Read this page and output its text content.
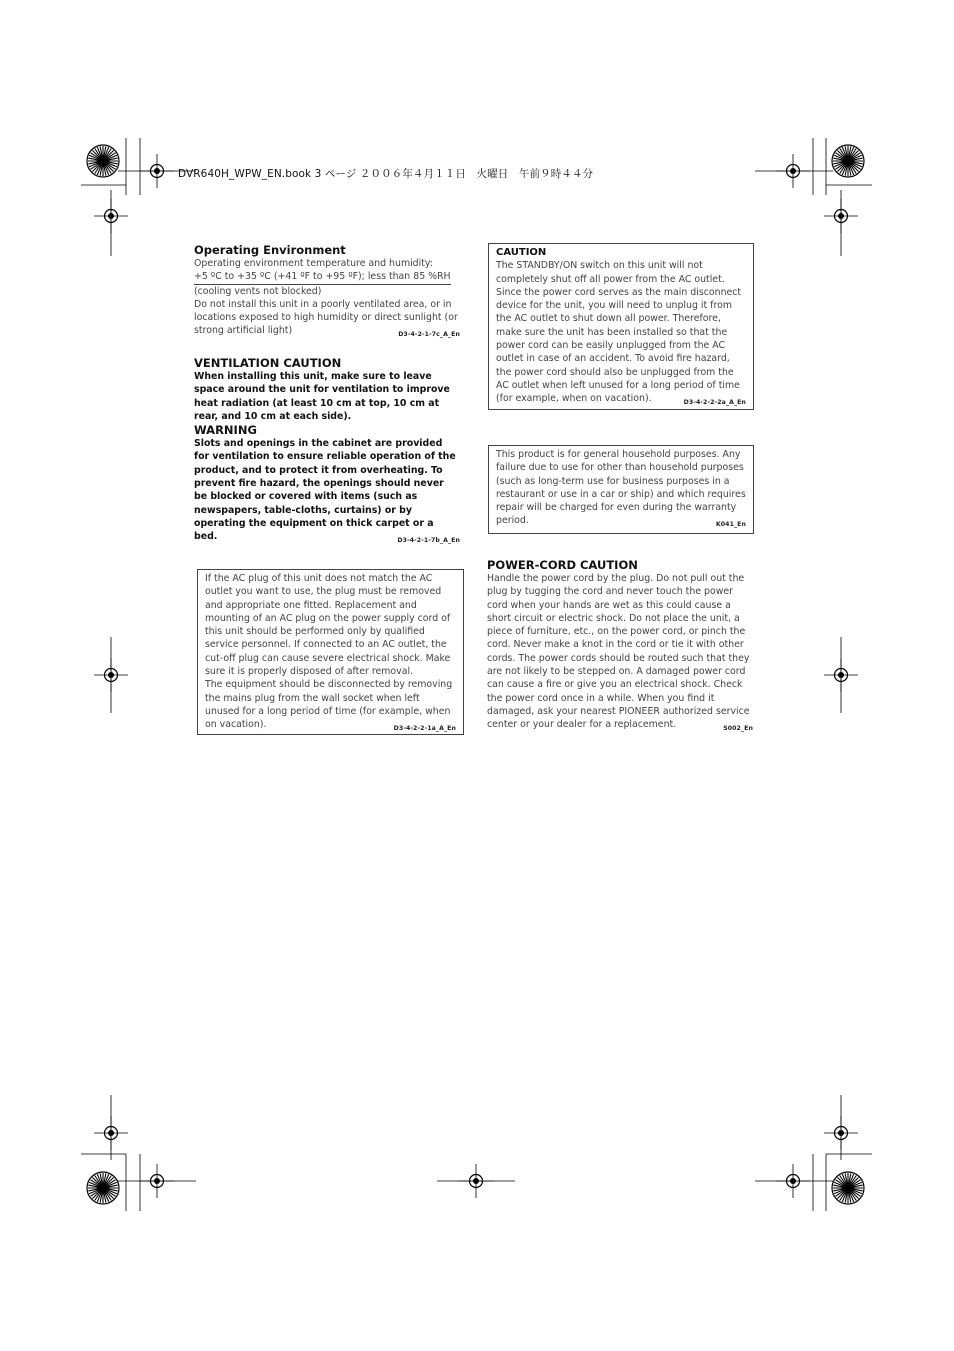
DVR640H_WPW_EN.book 3 ページ ２００６年４月１１日　火曜日　午前９時４４分

Operating Environment

Operating environment temperature and humidity:

+5 ºC to +35 ºC (+41 ºF to +95 ºF); less than 85 %RH

(cooling vents not blocked)

Do not install this unit in a poorly ventilated area, or in locations exposed to high humidity or direct sunlight (or strong artificial light)	D3-4-2-1-7c_A_En

VENTILATION CAUTION

When installing this unit, make sure to leave space around the unit for ventilation to improve heat radiation (at least 10 cm at top, 10 cm at rear, and 10 cm at each side).

WARNING

Slots and openings in the cabinet are provided for ventilation to ensure reliable operation of the product, and to protect it from overheating. To prevent fire hazard, the openings should never be blocked or covered with items (such as newspapers, table-cloths, curtains) or by operating the equipment on thick carpet or a bed.	D3-4-2-1-7b_A_En

If the AC plug of this unit does not match the AC outlet you want to use, the plug must be removed and appropriate one fitted. Replacement and mounting of an AC plug on the power supply cord of this unit should be performed only by qualified service personnel. If connected to an AC outlet, the cut-off plug can cause severe electrical shock. Make sure it is properly disposed of after removal.

The equipment should be disconnected by removing the mains plug from the wall socket when left unused for a long period of time (for example, when on vacation).	D3-4-2-2-1a_A_En

CAUTION

The STANDBY/ON switch on this unit will not completely shut off all power from the AC outlet. Since the power cord serves as the main disconnect device for the unit, you will need to unplug it from the AC outlet to shut down all power. Therefore, make sure the unit has been installed so that the power cord can be easily unplugged from the AC outlet in case of an accident. To avoid fire hazard, the power cord should also be unplugged from the AC outlet when left unused for a long period of time (for example, when on vacation).	D3-4-2-2-2a_A_En

This product is for general household purposes. Any failure due to use for other than household purposes (such as long-term use for business purposes in a restaurant or use in a car or ship) and which requires repair will be charged for even during the warranty period.	K041_En

POWER-CORD CAUTION

Handle the power cord by the plug. Do not pull out the plug by tugging the cord and never touch the power cord when your hands are wet as this could cause a short circuit or electric shock. Do not place the unit, a piece of furniture, etc., on the power cord, or pinch the cord. Never make a knot in the cord or tie it with other cords. The power cords should be routed such that they are not likely to be stepped on. A damaged power cord can cause a fire or give you an electrical shock. Check the power cord once in a while. When you find it damaged, ask your nearest PIONEER authorized service center or your dealer for a replacement.	S002_En
